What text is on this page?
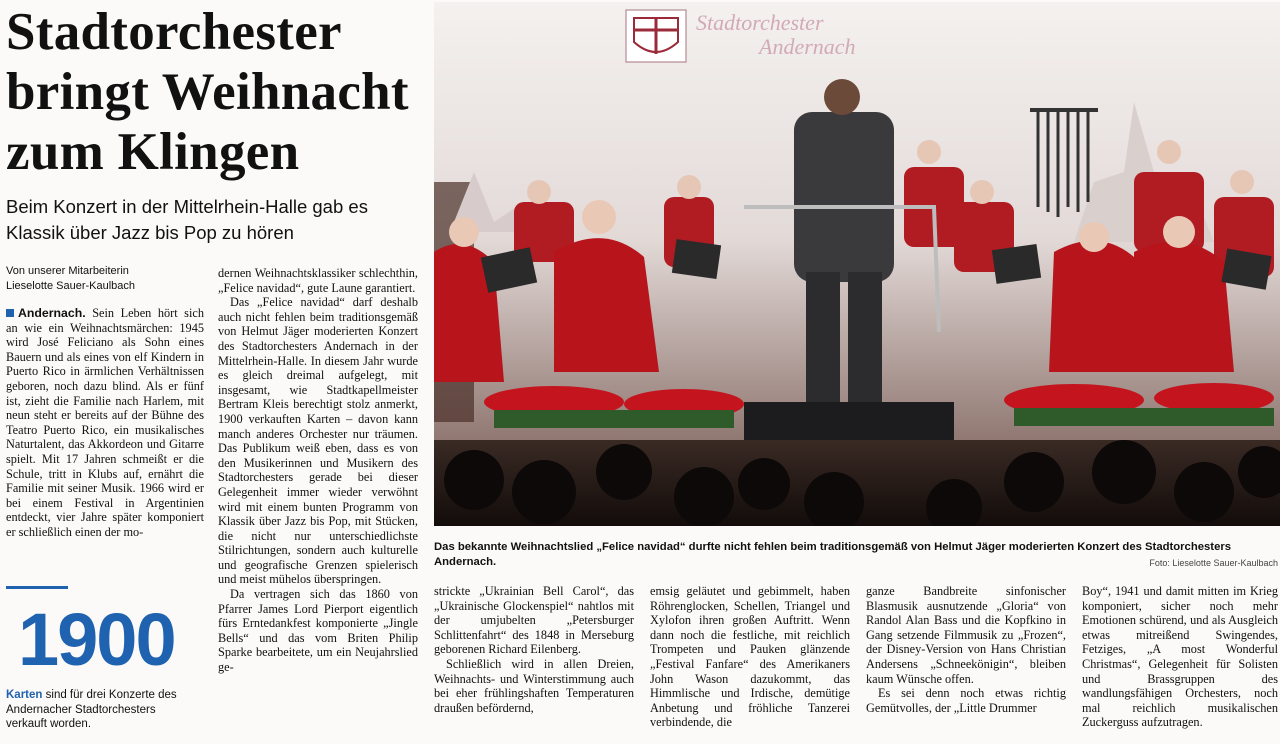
Stadtorchester bringt Weihnacht zum Klingen

Beim Konzert in der Mittelrhein-Halle gab es Klassik über Jazz bis Pop zu hören

Von unserer Mitarbeiterin
Lieselotte Sauer-Kaulbach

Andernach. Sein Leben hört sich an wie ein Weihnachtsmärchen: 1945 wird José Feliciano als Sohn eines Bauern und als eines von elf Kindern in Puerto Rico in ärmlichen Verhältnissen geboren, noch dazu blind. Als er fünf ist, zieht die Familie nach Harlem, mit neun steht er bereits auf der Bühne des Teatro Puerto Rico, ein musikalisches Naturtalent, das Akkordeon und Gitarre spielt. Mit 17 Jahren schmeißt er die Schule, tritt in Klubs auf, ernährt die Familie mit seiner Musik. 1966 wird er bei einem Festival in Argentinien entdeckt, vier Jahre später komponiert er schließlich einen der mo-

dernen Weihnachtsklassiker schlechthin, „Felice navidad“, gute Laune garantiert.

Das „Felice navidad“ darf deshalb auch nicht fehlen beim traditionsgemäß von Helmut Jäger moderierten Konzert des Stadtorchesters Andernach in der Mittelrhein-Halle. In diesem Jahr wurde es gleich dreimal aufgelegt, mit insgesamt, wie Stadtkapellmeister Bertram Kleis berechtigt stolz anmerkt, 1900 verkauften Karten – davon kann manch anderes Orchester nur träumen. Das Publikum weiß eben, dass es von den Musikerinnen und Musikern des Stadtorchesters gerade bei dieser Gelegenheit immer wieder verwöhnt wird mit einem bunten Programm von Klassik über Jazz bis Pop, mit Stücken, die nicht nur unterschiedlichste Stilrichtungen, sondern auch kulturelle und geografische Grenzen spielerisch und meist mühelos überspringen.

Da vertragen sich das 1860 von Pfarrer James Lord Pierport eigentlich fürs Erntedankfest komponierte „Jingle Bells“ und das vom Briten Philip Sparke bearbeitete, um ein Neujahrslied ge-

1900
Karten sind für drei Konzerte des Andernacher Stadtorchesters verkauft worden.
Stadtorchester
Andernach
Das bekannte Weihnachtslied „Felice navidad“ durfte nicht fehlen beim traditionsgemäß von Helmut Jäger moderierten Konzert des Stadtorchesters Andernach.	Foto: Lieselotte Sauer-Kaulbach

strickte „Ukrainian Bell Carol“, das „Ukrainische Glockenspiel“ nahtlos mit der umjubelten „Petersburger Schlittenfahrt“ des 1848 in Merseburg geborenen Richard Eilenberg.

Schließlich wird in allen Dreien, Weihnachts- und Winterstimmung auch bei eher frühlingshaften Temperaturen draußen befördernd,

emsig geläutet und gebimmelt, haben Röhrenglocken, Schellen, Triangel und Xylofon ihren großen Auftritt. Wenn dann noch die festliche, mit reichlich Trompeten und Pauken glänzende „Festival Fanfare“ des Amerikaners John Wason dazukommt, das Himmlische und Irdische, demütige Anbetung und fröhliche Tanzerei verbindende, die

ganze Bandbreite sinfonischer Blasmusik ausnutzende „Gloria“ von Randol Alan Bass und die Kopfkino in Gang setzende Filmmusik zu „Frozen“, der Disney-Version von Hans Christian Andersens „Schneekönigin“, bleiben kaum Wünsche offen.

Es sei denn noch etwas richtig Gemütvolles, der „Little Drummer

Boy“, 1941 und damit mitten im Krieg komponiert, sicher noch mehr Emotionen schürend, und als Ausgleich etwas mitreißend Swingendes, Fetziges, „A most Wonderful Christmas“, Gelegenheit für Solisten und Brassgruppen des wandlungsfähigen Orchesters, noch mal reichlich musikalischen Zuckerguss aufzutragen.
